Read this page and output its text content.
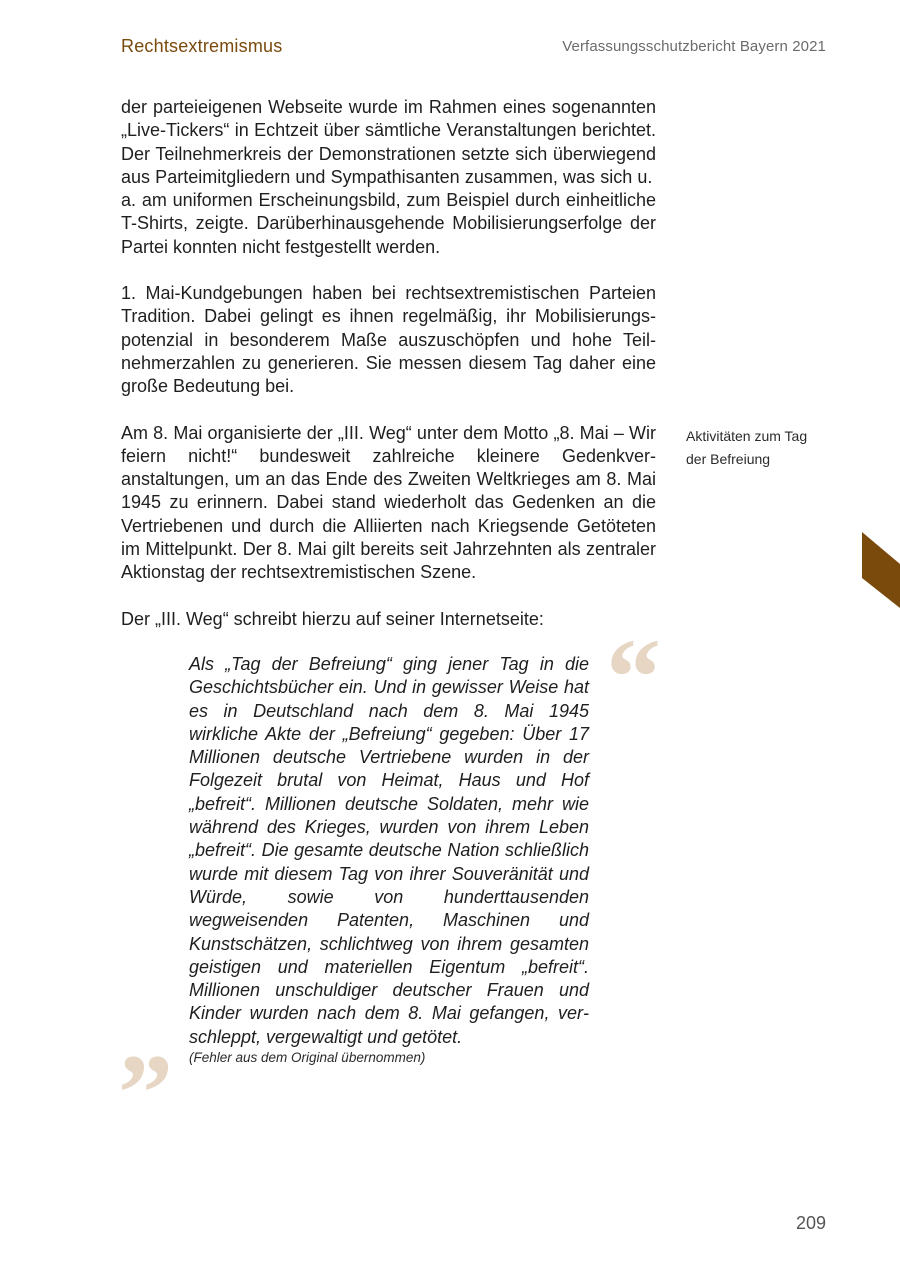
Rechtsextremismus	Verfassungsschutzbericht Bayern 2021

der parteieigenen Webseite wurde im Rahmen eines sogenannten „Live-Tickers“ in Echtzeit über sämtliche Veranstaltungen berichtet. Der Teilnehmerkreis der Demonstrationen setzte sich überwiegend aus Parteimitgliedern und Sympathisanten zusammen, was sich u. a. am uniformen Erscheinungsbild, zum Beispiel durch einheitliche T-Shirts, zeigte. Darüberhinausgehende Mobilisierungserfolge der Partei konnten nicht festgestellt werden.

1. Mai-Kundgebungen haben bei rechtsextremistischen Parteien Tradition. Dabei gelingt es ihnen regelmäßig, ihr Mobilisierungspotenzial in besonderem Maße auszuschöpfen und hohe Teilnehmerzahlen zu generieren. Sie messen diesem Tag daher eine große Bedeutung bei.

Am 8. Mai organisierte der „III. Weg“ unter dem Motto „8. Mai – Wir feiern nicht!“ bundesweit zahlreiche kleinere Gedenkveranstaltungen, um an das Ende des Zweiten Weltkrieges am 8. Mai 1945 zu erinnern. Dabei stand wiederholt das Gedenken an die Vertriebenen und durch die Alliierten nach Kriegsende Getöteten im Mittelpunkt. Der 8. Mai gilt bereits seit Jahrzehnten als zentraler Aktionstag der rechtsextremistischen Szene.

Der „III. Weg“ schreibt hierzu auf seiner Internetseite:

Aktivitäten zum Tag der Befreiung
“
Als „Tag der Befreiung“ ging jener Tag in die Geschichtsbücher ein. Und in gewisser Weise hat es in Deutschland nach dem 8. Mai 1945 wirkliche Akte der „Befreiung“ gegeben: Über 17 Millionen deutsche Vertriebene wurden in der Folgezeit brutal von Heimat, Haus und Hof „befreit“. Millionen deutsche Soldaten, mehr wie während des Krieges, wurden von ihrem Leben „befreit“. Die gesamte deutsche Nation schließlich wurde mit diesem Tag von ihrer Souveränität und Würde, sowie von hunderttausenden wegweisenden Patenten, Maschinen und Kunstschätzen, schlichtweg von ihrem gesamten geistigen und materiellen Eigentum „befreit“. Millionen unschuldiger deutscher Frauen und Kinder wurden nach dem 8. Mai gefangen, verschleppt, vergewaltigt und getötet.
” (Fehler aus dem Original übernommen)
209
